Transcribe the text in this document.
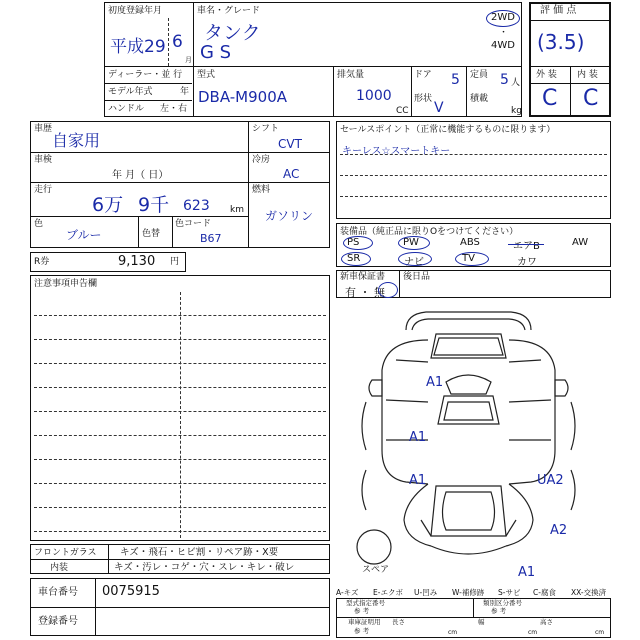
初度登録年月
平成29 6
月
車名・グレード
タンク
G S
2WD
・
4WD
ディーラー・並 行
モデル年式	年
ハンドル 左・右
型式
DBA-M900A
排気量
1000
CC
ドア 5
形状
V
定員 5 人
積載
kg
評 価 点
(3.5)
外 装 内 装
C C
車歴
自家用
車検
年 月（ 日）
走行
6万 9千 623 km
色
ブルー	色替
色コード
B67
シフト
CVT
冷房
AC
燃料
ガソリン
R券	9,130 円
注意事項申告欄
セールスポイント（正常に機能するものに限ります）
キーレス☆スマートキー
装備品（純正品に限りOをつけてください）
PS	PW	ABS	エアB	AW
SR	ナビ	TV	カワ
新車保証書
有 ・ 無
後日品
スペア
A1
A1
A1	UA2
A2
A1
A-キズ E-エクボ U-凹み W-補修跡 S-サビ C-腐食 XX-交換済
フロントガラス キズ・飛石・ヒビ割・リペア跡・X要
内装	キズ・汚レ・コゲ・穴・スレ・キレ・破レ
車台番号 0075915
登録番号
型式指定番号
参 考
類別区分番号
参 考
車庫証明用
参 考
長さ
cm
幅
cm
高さ
cm
